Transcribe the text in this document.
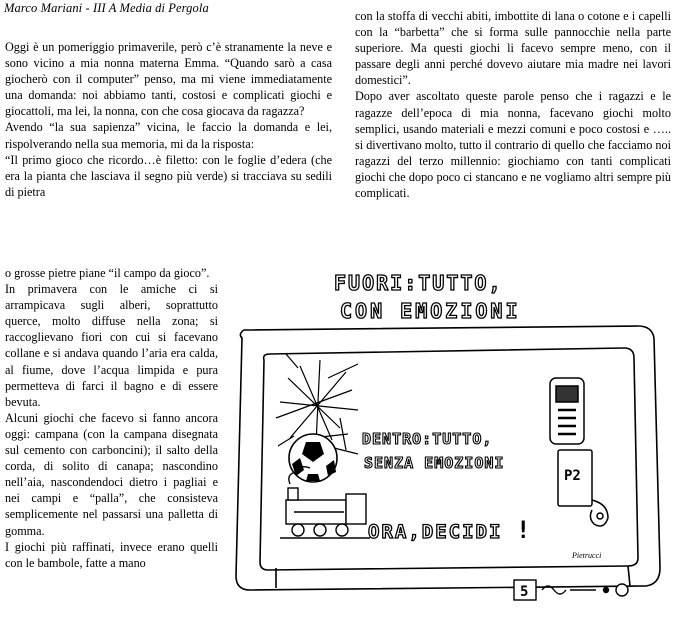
Marco Mariani - III A Media di Pergola

Oggi è un pomeriggio primaverile, però c’è stranamente la neve e sono vicino a mia nonna materna Emma. “Quando sarò a casa giocherò con il computer” penso, ma mi viene immediatamente una domanda: noi abbiamo tanti, costosi e complicati giochi e giocattoli, ma lei, la nonna, con che cosa giocava da ragazza?

Avendo “la sua sapienza” vicina, le faccio la domanda e lei, rispolverando nella sua memoria, mi da la risposta:

“Il primo gioco che ricordo…è filetto: con le foglie d’edera (che era la pianta che lasciava il segno più verde) si tracciava su sedili di pietra

o grosse pietre piane “il campo da gioco”.

In primavera con le amiche ci si arrampicava sugli alberi, soprattutto querce, molto diffuse nella zona; si raccoglievano fiori con cui si facevano collane e si andava quando l’aria era calda, al fiume, dove l’acqua limpida e pura permetteva di farci il bagno e di essere bevuta.

Alcuni giochi che facevo si fanno ancora oggi: campana (con la campana disegnata sul cemento con carboncini); il salto della corda, di solito di canapa; nascondino nell’aia, nascondendoci dietro i pagliai e nei campi e “palla”, che consisteva semplicemente nel passarsi una palletta di gomma.

I giochi più raffinati, invece erano quelli con le bambole, fatte a mano

con la stoffa di vecchi abiti, imbottite di lana o cotone e i capelli con la “barbetta” che si forma sulle pannocchie nella parte superiore. Ma questi giochi li facevo sempre meno, con il passare degli anni perché dovevo aiutare mia madre nei lavori domestici”.

Dopo aver ascoltato queste parole penso che i ragazzi e le ragazze dell’epoca di mia nonna, facevano giochi molto semplici, usando materiali e mezzi comuni e poco costosi e ….. si divertivano molto, tutto il contrario di quello che facciamo noi ragazzi del terzo millennio: giochiamo con tanti complicati giochi che dopo poco ci stancano e ne vogliamo altri sempre più complicati.

FUORI:TUTTO,
CON EMOZIONI
P2
DENTRO:TUTTO,
SENZA EMOZIONI
ORA,DECIDI !
Pietrucci
5
